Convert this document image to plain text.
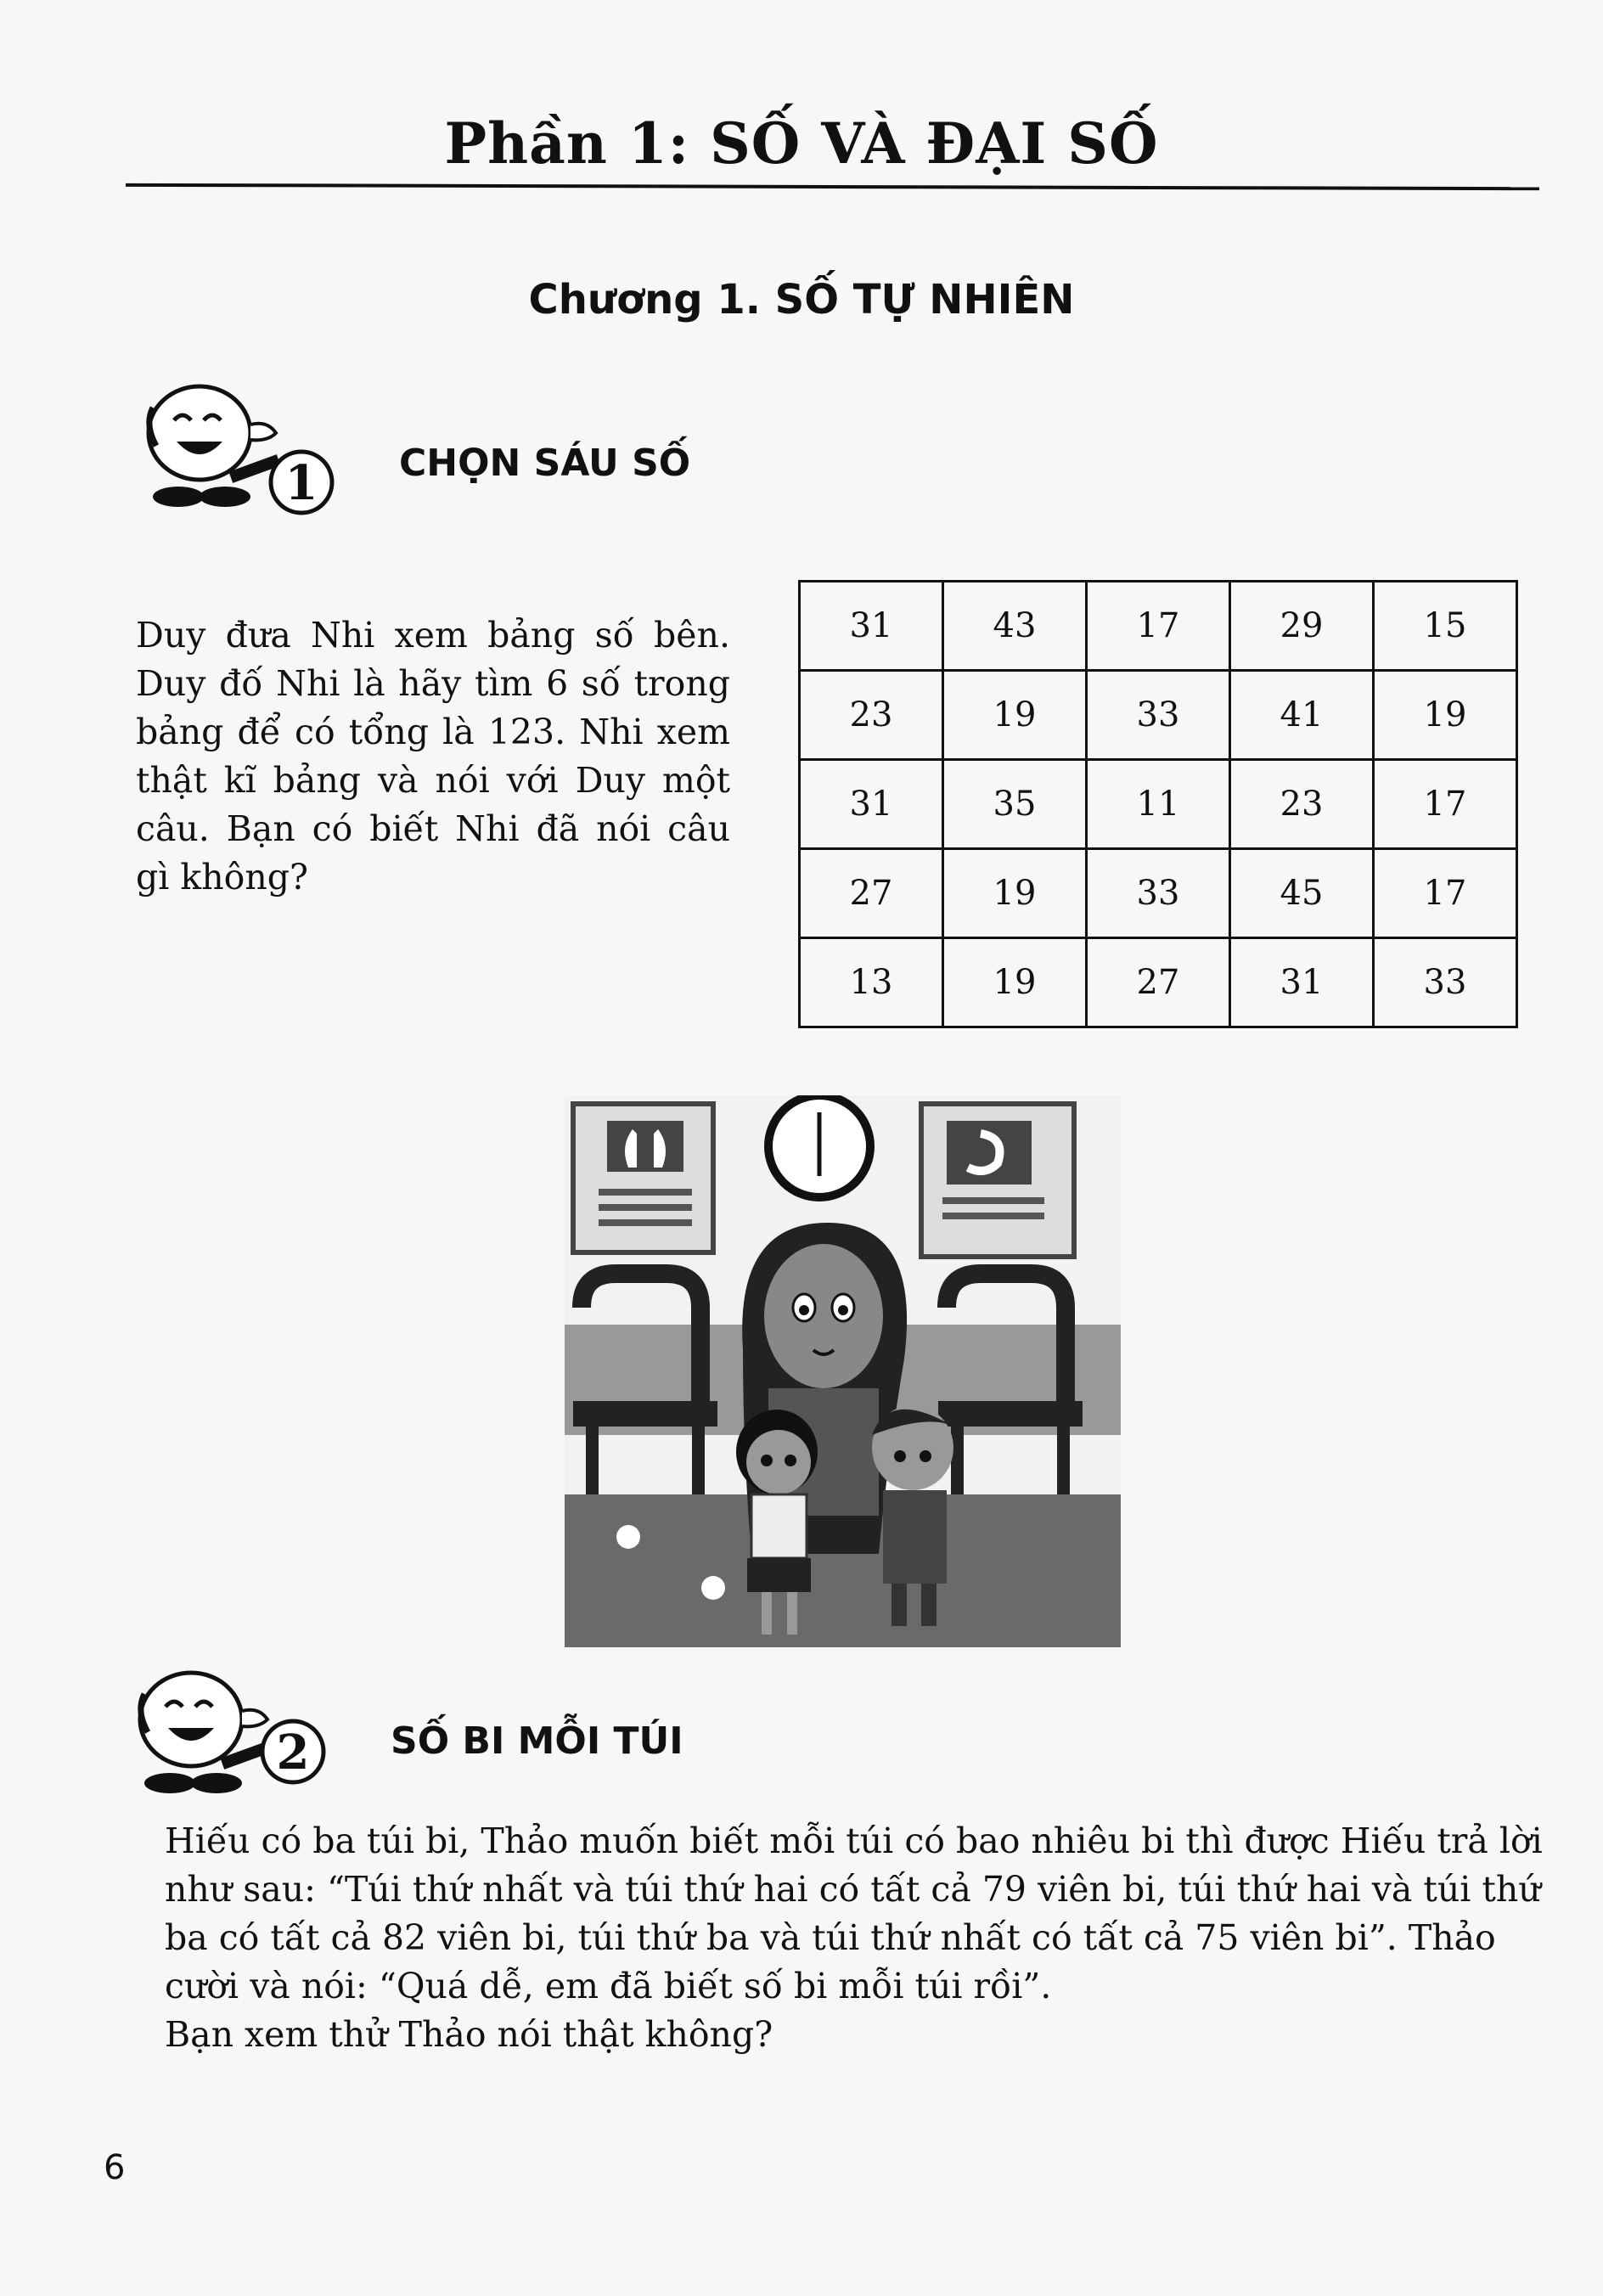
Phần 1: SỐ VÀ ĐẠI SỐ
Chương 1. SỐ TỰ NHIÊN
1 CHỌN SÁU SỐ
Duy đưa Nhi xem bảng số bên. Duy đố Nhi là hãy tìm 6 số trong bảng để có tổng là 123. Nhi xem thật kĩ bảng và nói với Duy một câu. Bạn có biết Nhi đã nói câu gì không?
31	43	17	29	15
23	19	33	41	19
31	35	11	23	17
27	19	33	45	17
13	19	27	31	33
2 SỐ BI MỖI TÚI

Hiếu có ba túi bi, Thảo muốn biết mỗi túi có bao nhiêu bi thì được Hiếu trả lời như sau: “Túi thứ nhất và túi thứ hai có tất cả 79 viên bi, túi thứ hai và túi thứ ba có tất cả 82 viên bi, túi thứ ba và túi thứ nhất có tất cả 75 viên bi”. Thảo cười và nói: “Quá dễ, em đã biết số bi mỗi túi rồi”.

Bạn xem thử Thảo nói thật không?

6
